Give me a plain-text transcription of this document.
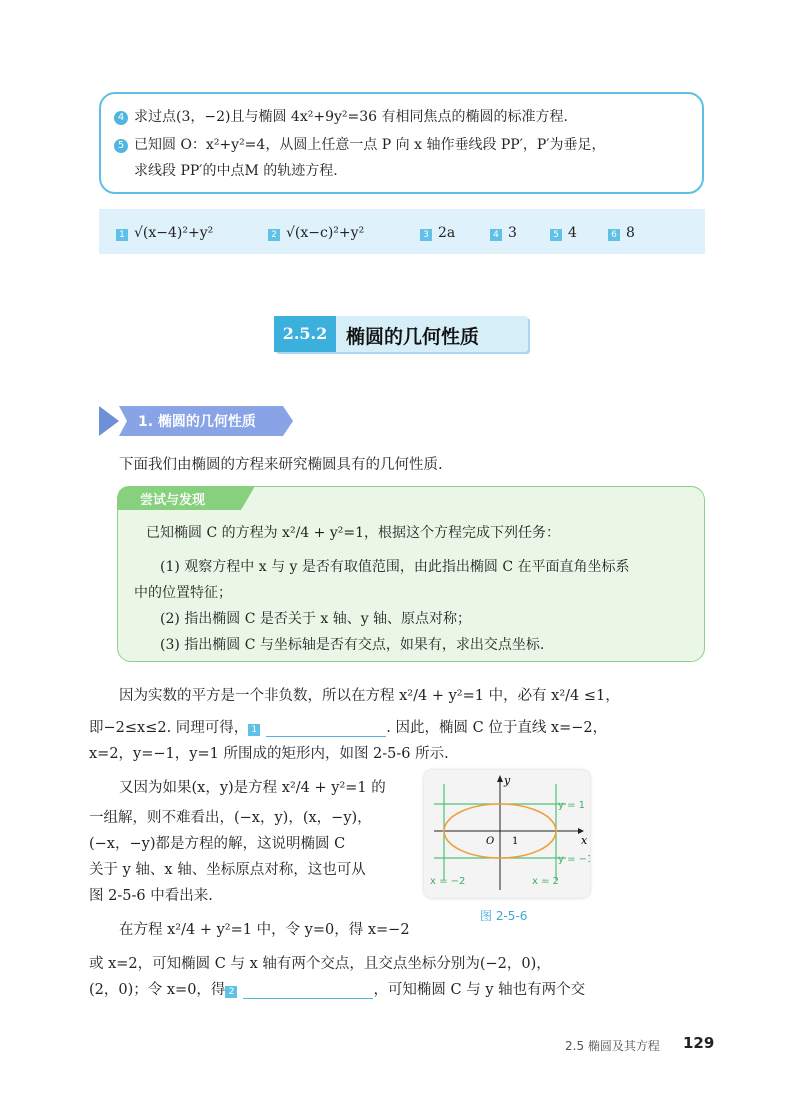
4 求过点(3，−2)且与椭圆 4x²+9y²=36 有相同焦点的椭圆的标准方程.
5 已知圆 O：x²+y²=4，从圆上任意一点 P 向 x 轴作垂线段 PP′，P′为垂足，
求线段 PP′的中点M 的轨迹方程.
1 √(x−4)²+y²	2 √(x−c)²+y²	3 2a	4 3	5 4	6 8
2.5.2 椭圆的几何性质
1. 椭圆的几何性质
下面我们由椭圆的方程来研究椭圆具有的几何性质.
尝试与发现
已知椭圆 C 的方程为 x²/4 + y²=1，根据这个方程完成下列任务：
(1) 观察方程中 x 与 y 是否有取值范围，由此指出椭圆 C 在平面直角坐标系
中的位置特征；
(2) 指出椭圆 C 是否关于 x 轴、y 轴、原点对称；
(3) 指出椭圆 C 与坐标轴是否有交点，如果有，求出交点坐标.
因为实数的平方是一个非负数，所以在方程 x²/4 + y²=1 中，必有 x²/4 ≤1，
即−2≤x≤2. 同理可得， 1	. 因此，椭圆 C 位于直线 x=−2，
x=2，y=−1，y=1 所围成的矩形内，如图 2-5-6 所示.
又因为如果(x，y)是方程 x²/4 + y²=1 的
一组解，则不难看出，(−x，y)，(x，−y)，
(−x，−y)都是方程的解，这说明椭圆 C
关于 y 轴、x 轴、坐标原点对称，这也可从
图 2-5-6 中看出来.
在方程 x²/4 + y²=1 中，令 y=0，得 x=−2
或 x=2，可知椭圆 C 与 x 轴有两个交点，且交点坐标分别为(−2，0)，
(2，0)；令 x=0，得 2	，可知椭圆 C 与 y 轴也有两个交
y
x
O 1
y = 1
y = −1
x = −2	x = 2
图 2-5-6
2.5 椭圆及其方程 129
